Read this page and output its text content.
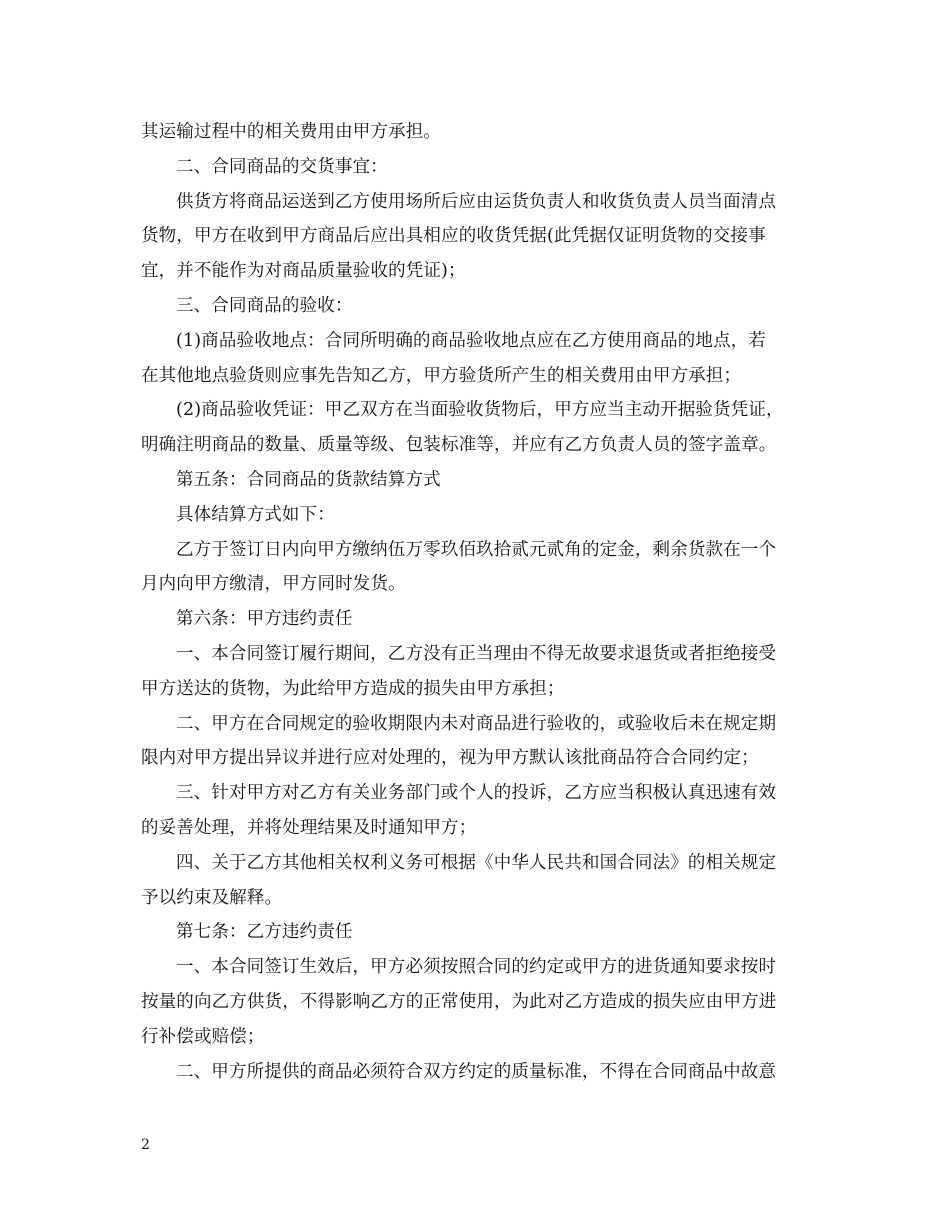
其运输过程中的相关费用由甲方承担。
二、合同商品的交货事宜：
供货方将商品运送到乙方使用场所后应由运货负责人和收货负责人员当面清点
货物，甲方在收到甲方商品后应出具相应的收货凭据(此凭据仅证明货物的交接事
宜，并不能作为对商品质量验收的凭证)；
三、合同商品的验收：
(1)商品验收地点：合同所明确的商品验收地点应在乙方使用商品的地点，若
在其他地点验货则应事先告知乙方，甲方验货所产生的相关费用由甲方承担；
(2)商品验收凭证：甲乙双方在当面验收货物后，甲方应当主动开据验货凭证，
明确注明商品的数量、质量等级、包装标准等，并应有乙方负责人员的签字盖章。
第五条：合同商品的货款结算方式
具体结算方式如下：
乙方于签订日内向甲方缴纳伍万零玖佰玖拾贰元贰角的定金，剩余货款在一个
月内向甲方缴清，甲方同时发货。
第六条：甲方违约责任
一、本合同签订履行期间，乙方没有正当理由不得无故要求退货或者拒绝接受
甲方送达的货物，为此给甲方造成的损失由甲方承担；
二、甲方在合同规定的验收期限内未对商品进行验收的，或验收后未在规定期
限内对甲方提出异议并进行应对处理的，视为甲方默认该批商品符合合同约定；
三、针对甲方对乙方有关业务部门或个人的投诉，乙方应当积极认真迅速有效
的妥善处理，并将处理结果及时通知甲方；
四、关于乙方其他相关权利义务可根据《中华人民共和国合同法》的相关规定
予以约束及解释。
第七条：乙方违约责任
一、本合同签订生效后，甲方必须按照合同的约定或甲方的进货通知要求按时
按量的向乙方供货，不得影响乙方的正常使用，为此对乙方造成的损失应由甲方进
行补偿或赔偿；
二、甲方所提供的商品必须符合双方约定的质量标准，不得在合同商品中故意
2
